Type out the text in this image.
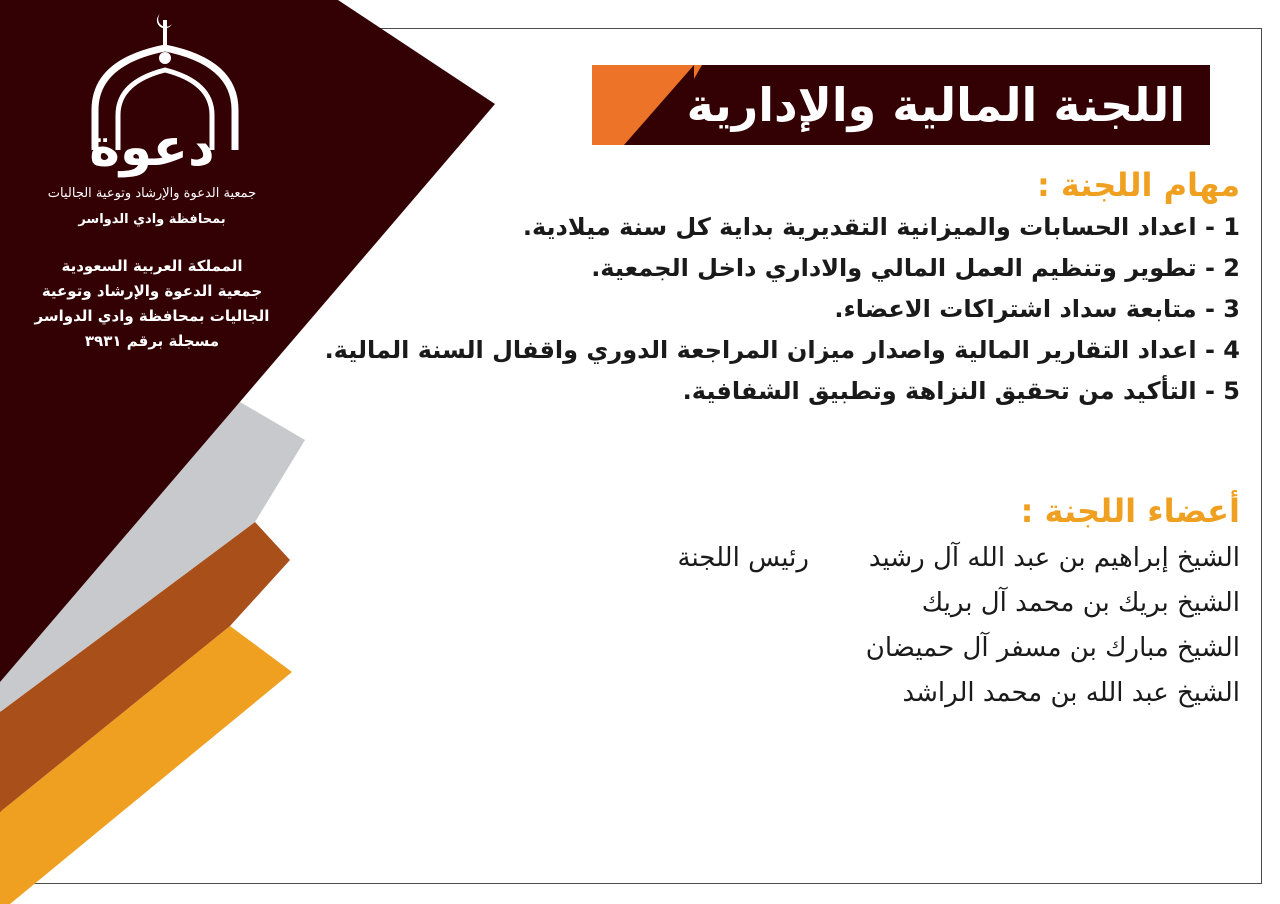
دعوة
جمعية الدعوة والإرشاد وتوعية الجاليات
بمحافظة وادي الدواسر
المملكة العربية السعودية
جمعية الدعوة والإرشاد وتوعية
الجاليات بمحافظة وادي الدواسر
مسجلة برقم ٣٩٣١
اللجنة المالية والإدارية
مهام اللجنة :
1 - اعداد الحسابات والميزانية التقديرية بداية كل سنة ميلادية.
2 - تطوير وتنظيم العمل المالي والاداري داخل الجمعية.
3 - متابعة سداد اشتراكات الاعضاء.
4 - اعداد التقارير المالية واصدار ميزان المراجعة الدوري واقفال السنة المالية.
5 - التأكيد من تحقيق النزاهة وتطبيق الشفافية.
أعضاء اللجنة :
الشيخ إبراهيم بن عبد الله آل رشيدرئيس اللجنة
الشيخ بريك بن محمد آل بريك
الشيخ مبارك بن مسفر آل حميضان
الشيخ عبد الله بن محمد الراشد
